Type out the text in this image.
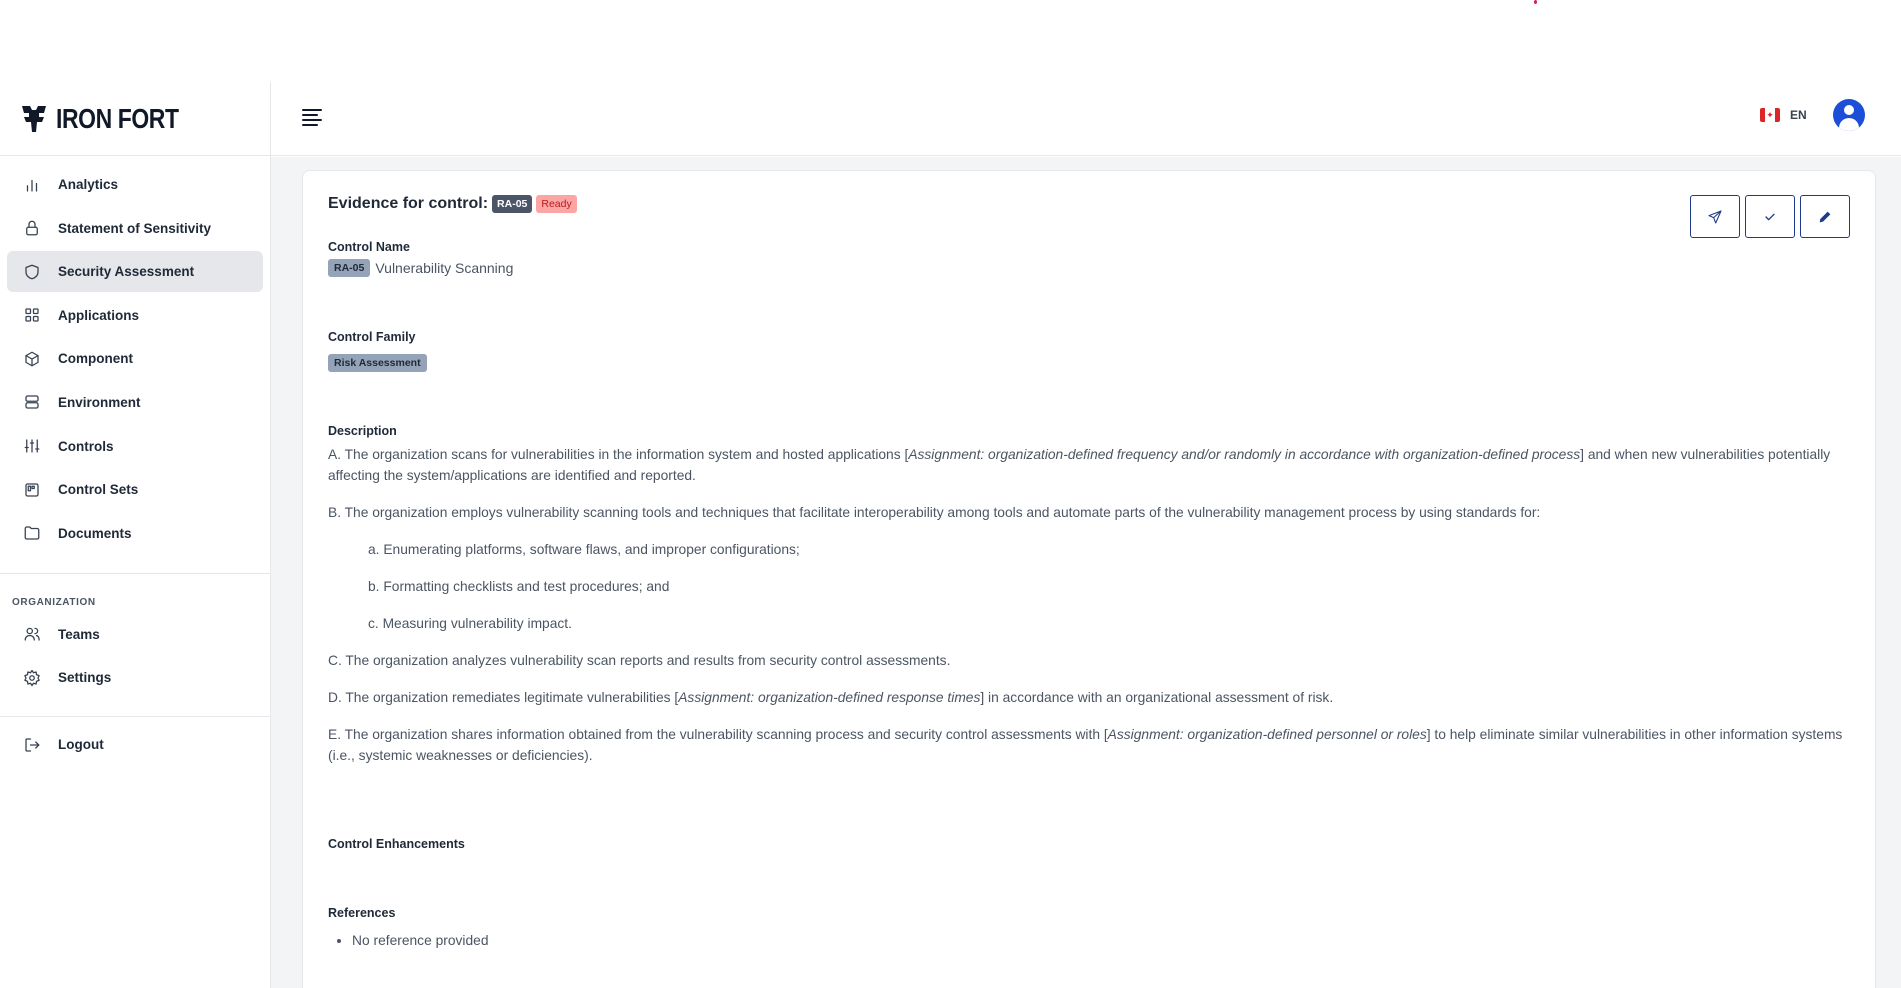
IRON FORT
Analytics
Statement of Sensitivity
Security Assessment
Applications
Component
Environment
Controls
Control Sets
Documents
ORGANIZATION
Teams
Settings
Logout
✦ EN
Evidence for control: RA-05	Ready
Control Name
RA-05 Vulnerability Scanning
Control Family
Risk Assessment
Description

A. The organization scans for vulnerabilities in the information system and hosted applications [Assignment: organization-defined frequency and/or randomly in accordance with organization-defined process] and when new vulnerabilities potentially affecting the system/applications are identified and reported.

B. The organization employs vulnerability scanning tools and techniques that facilitate interoperability among tools and automate parts of the vulnerability management process by using standards for:

a. Enumerating platforms, software flaws, and improper configurations;

b. Formatting checklists and test procedures; and

c. Measuring vulnerability impact.

C. The organization analyzes vulnerability scan reports and results from security control assessments.

D. The organization remediates legitimate vulnerabilities [Assignment: organization-defined response times] in accordance with an organizational assessment of risk.

E. The organization shares information obtained from the vulnerability scanning process and security control assessments with [Assignment: organization-defined personnel or roles] to help eliminate similar vulnerabilities in other information systems (i.e., systemic weaknesses or deficiencies).

Control Enhancements
References
• No reference provided
